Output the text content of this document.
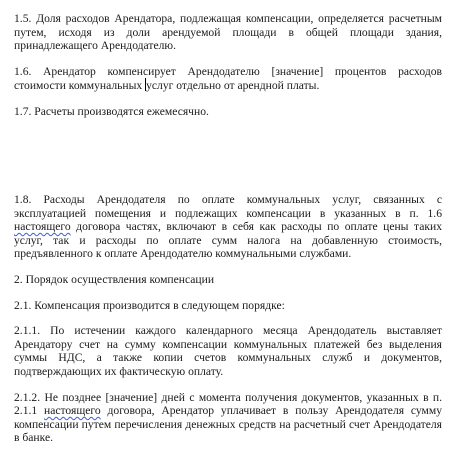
1.5. Доля расходов Арендатора, подлежащая компенсации, определяется расчетным путем, исходя из доли арендуемой площади в общей площади здания, принадлежащего Арендодателю.

1.6. Арендатор компенсирует Арендодателю [значение] процентов расходов стоимости коммунальных услуг отдельно от арендной платы.

1.7. Расчеты производятся ежемесячно.

1.8. Расходы Арендодателя по оплате коммунальных услуг, связанных с эксплуатацией помещения и подлежащих компенсации в указанных в п. 1.6 настоящего договора частях, включают в себя как расходы по оплате цены таких услуг, так и расходы по оплате сумм налога на добавленную стоимость, предъявленного к оплате Арендодателю коммунальными службами.

2. Порядок осуществления компенсации

2.1. Компенсация производится в следующем порядке:

2.1.1. По истечении каждого календарного месяца Арендодатель выставляет Арендатору счет на сумму компенсации коммунальных платежей без выделения суммы НДС, а также копии счетов коммунальных служб и документов, подтверждающих их фактическую оплату.

2.1.2. Не позднее [значение] дней с момента получения документов, указанных в п. 2.1.1 настоящего договора, Арендатор уплачивает в пользу Арендодателя сумму компенсации путем перечисления денежных средств на расчетный счет Арендодателя в банке.
